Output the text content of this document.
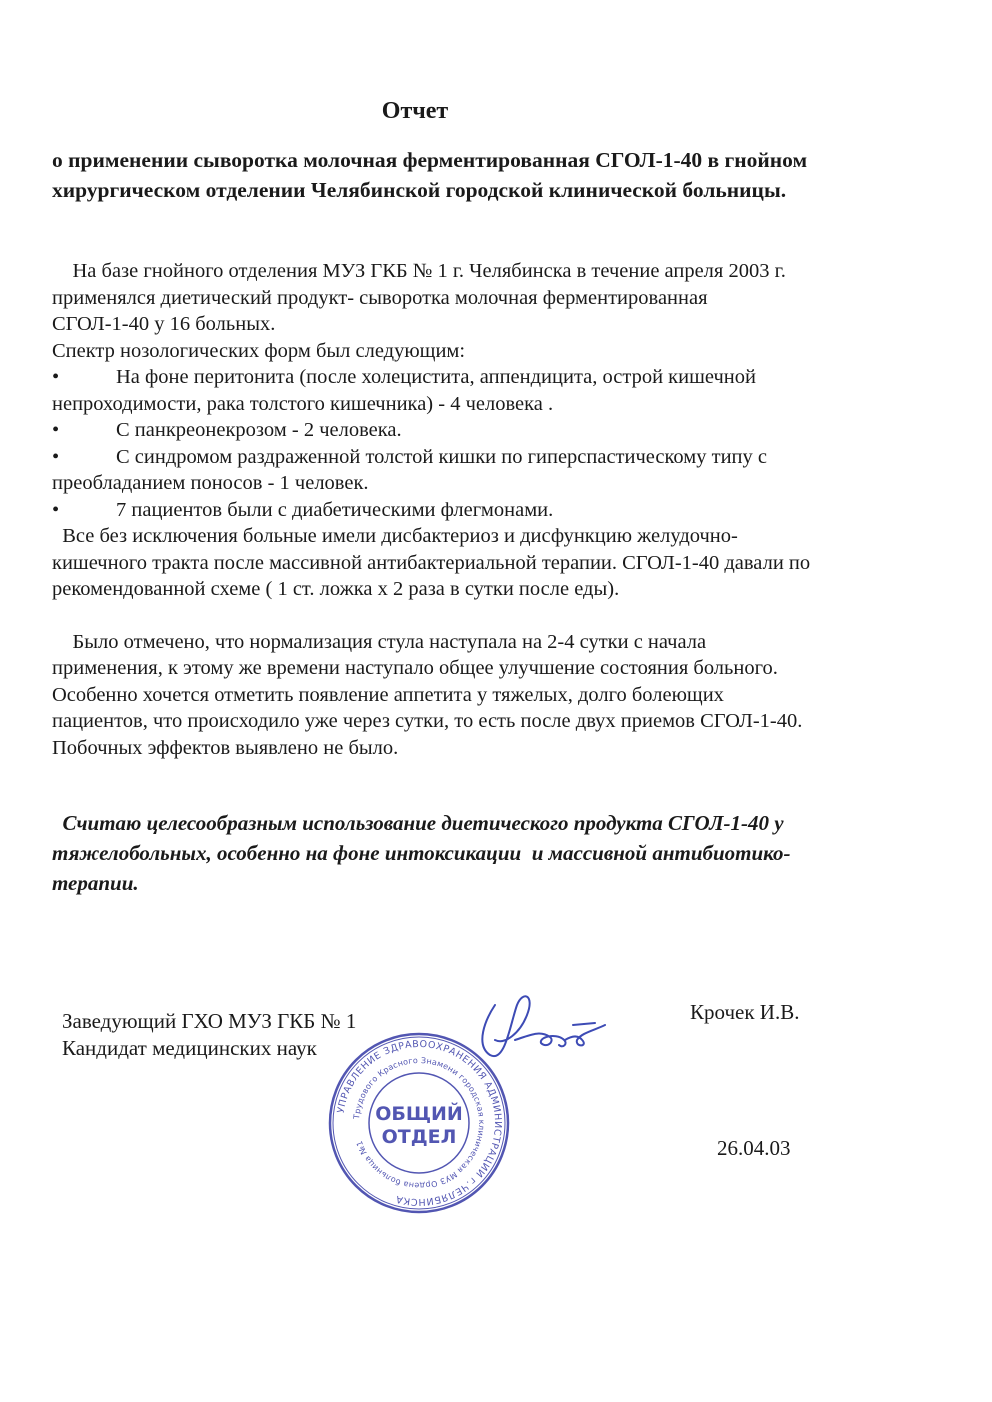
Отчет
о применении сыворотка молочная ферментированная СГОЛ-1-40 в гнойном
хирургическом отделении Челябинской городской клинической больницы.
На базе гнойного отделения МУЗ ГКБ № 1 г. Челябинска в течение апреля 2003 г.
применялся диетический продукт- сыворотка молочная ферментированная
СГОЛ-1-40 у 16 больных.
Спектр нозологических форм был следующим:
•	На фоне перитонита (после холецистита, аппендицита, острой кишечной
непроходимости, рака толстого кишечника) - 4 человека .
•	С панкреонекрозом - 2 человека.
•	С синдромом раздраженной толстой кишки по гиперспастическому типу с
преобладанием поносов - 1 человек.
•	7 пациентов были с диабетическими флегмонами.
Все без исключения больные имели дисбактериоз и дисфункцию желудочно-
кишечного тракта после массивной антибактериальной терапии. СГОЛ-1-40 давали по
рекомендованной схеме ( 1 ст. ложка х 2 раза в сутки после еды).
Было отмечено, что нормализация стула наступала на 2-4 сутки с начала
применения, к этому же времени наступало общее улучшение состояния больного.
Особенно хочется отметить появление аппетита у тяжелых, долго болеющих
пациентов, что происходило уже через сутки, то есть после двух приемов СГОЛ-1-40.
Побочных эффектов выявлено не было.
Считаю целесообразным использование диетического продукта СГОЛ-1-40 у
тяжелобольных, особенно на фоне интоксикации  и массивной антибиотико-
терапии.
Заведующий ГХО МУЗ ГКБ № 1
Кандидат медицинских наук
Крочек И.В.
26.04.03
УПРАВЛЕНИЕ ЗДРАВООХРАНЕНИЯ АДМИНИСТРАЦИИ г.ЧЕЛЯБИНСКА
Трудового Красного Знамени городская клиническая МУЗ Ордена больница №1
ОБЩИЙ
ОТДЕЛ
